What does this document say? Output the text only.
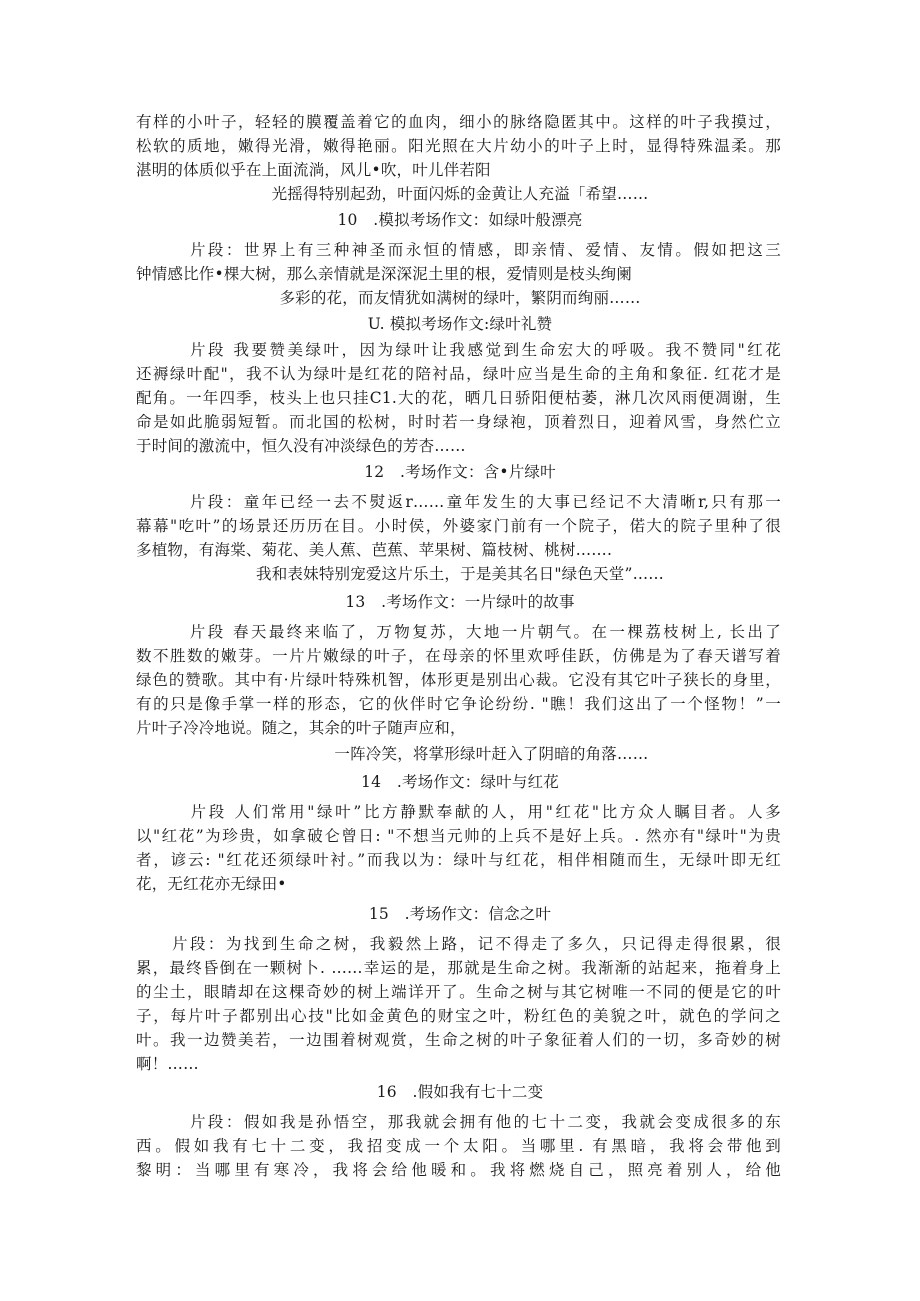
有样的小叶子，轻轻的膜覆盖着它的血肉，细小的脉络隐匿其中。这样的叶子我摸过，
松软的质地，嫩得光滑，嫩得艳丽。阳光照在大片幼小的叶子上时，显得特殊温柔。那
湛明的体质似乎在上面流淌，风儿•吹，叶儿伴若阳
光摇得特别起劲，叶面闪烁的金黄让人充溢「希望……
10　.模拟考场作文：如绿叶般漂亮
　　　片段：世界上有三种神圣而永恒的情感，即亲情、爱情、友情。假如把这三
钟情感比作•棵大树，那么亲情就是深深泥土里的根，爱情则是枝头绚阑
多彩的花，而友情犹如满树的绿叶，繁阴而绚丽……
U. 模拟考场作文:绿叶礼赞
　　　片段 我要赞美绿叶，因为绿叶让我感觉到生命宏大的呼吸。我不赞同"红花
还褥绿叶配"，我不认为绿叶是红花的陪衬品，绿叶应当是生命的主角和象征. 红花才是
配角。一年四季，枝头上也只挂C1.大的花，晒几日骄阳便枯萎，淋几次风雨便凋谢，生
命是如此脆弱短暂。而北国的松树，时时若一身绿袍，顶着烈日，迎着风雪，身然伫立
于时间的激流中，恒久没有冲淡绿色的芳杏……
12　.考场作文：含•片绿叶
　　　片段：童年已经一去不熨返r……童年发生的大事已经记不大清晰r,只有那一
幕幕"吃叶”的场景还历历在目。小时侯，外婆家门前有一个院子，偌大的院子里种了很
多植物，有海棠、菊花、美人蕉、芭蕉、苹果树、篇枝树、桃树…….
我和表妹特别宠爱这片乐土，于是美其名日"绿色天堂”……
13　.考场作文：一片绿叶的故事
　　　片段 春天最终来临了，万物复苏，大地一片朝气。在一棵荔枝树上, 长出了
数不胜数的嫩芽。一片片嫩绿的叶子，在母亲的怀里欢呼佳跃，仿佛是为了春天谱写着
绿色的赞歌。其中有·片绿叶特殊机智，体形更是别出心裁。它没有其它叶子狭长的身里，
有的只是像手掌一样的形态，它的伙伴时它争论纷纷. "瞧！我们这出了一个怪物！”一
片叶子冷冷地说。随之，其余的叶子随声应和，
　　　　一阵冷笑，将掌形绿叶赶入了阴暗的角落……
14　.考场作文：绿叶与红花
　　　片段 人们常用"绿叶”比方静默奉献的人，用"红花"比方众人瞩目者。人多
以"红花”为珍贵，如拿破仑曾日: "不想当元帅的上兵不是好上兵。. 然亦有"绿叶"为贵
者，谚云: "红花还须绿叶衬。”而我以为：绿叶与红花，相伴相随而生，无绿叶即无红
花，无红花亦无绿田•
15　.考场作文：信念之叶
　　片段：为找到生命之树，我毅然上路，记不得走了多久，只记得走得很累，很
累，最终昏倒在一颗树卜. ……幸运的是，那就是生命之树。我渐渐的站起来，拖着身上
的尘土，眼睛却在这棵奇妙的树上端详开了。生命之树与其它树唯一不同的便是它的叶
子，每片叶子都别出心技"比如金黄色的财宝之叶，粉红色的美貌之叶，就色的学问之
叶。我一边赞美若，一边围着树观赏，生命之树的叶子象征着人们的一切，多奇妙的树
啊！……
16　.假如我有七十二变
　　　片段：假如我是孙悟空，那我就会拥有他的七十二变，我就会变成很多的东
西。假如我有七十二变，我招变成一个太阳。当哪里. 有黑暗，我将会带他到
黎明：当哪里有寒冷，我将会给他暖和。我将燃烧自己，照亮着别人，给他
